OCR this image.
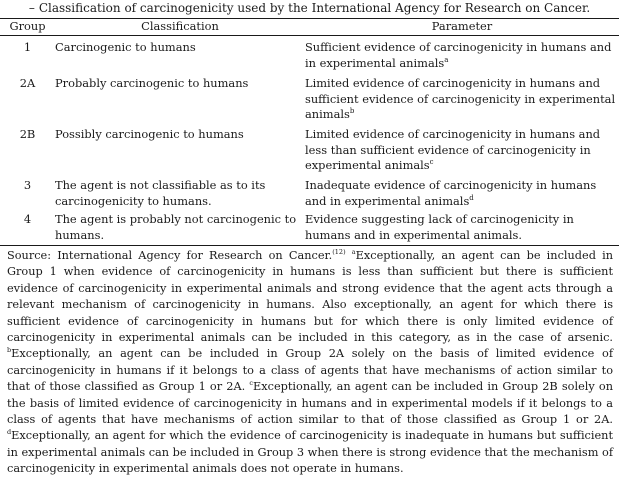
– Classification of carcinogenicity used by the International Agency for Research on Cancer.
Group	Classification	Parameter
1	Carcinogenic to humans	Sufficient evidence of carcinogenicity in humans and in experimental animals$^a$
2A	Probably carcinogenic to humans	Limited evidence of carcinogenicity in humans and sufficient evidence of carcinogenicity in experimental animals$^b$
2B	Possibly carcinogenic to humans	Limited evidence of carcinogenicity in humans and less than sufficient evidence of carcinogenicity in experimental animals$^c$
3	The agent is not classifiable as to its carcinogenicity to humans.	Inadequate evidence of carcinogenicity in humans and in experimental animals$^d$
4	The agent is probably not carcinogenic to humans.	Evidence suggesting lack of carcinogenicity in humans and in experimental animals.
Source: International Agency for Research on Cancer.$^{(12)}$ $^a$Exceptionally, an agent can be included in Group 1 when evidence of carcinogenicity in humans is less than sufficient but there is sufficient evidence of carcinogenicity in experimental animals and strong evidence that the agent acts through a relevant mechanism of carcinogenicity in humans. Also exceptionally, an agent for which there is sufficient evidence of carcinogenicity in humans but for which there is only limited evidence of carcinogenicity in experimental animals can be included in this category, as in the case of arsenic. $^b$Exceptionally, an agent can be included in Group 2A solely on the basis of limited evidence of carcinogenicity in humans if it belongs to a class of agents that have mechanisms of action similar to that of those classified as Group 1 or 2A. $^c$Exceptionally, an agent can be included in Group 2B solely on the basis of limited evidence of carcinogenicity in humans and in experimental models if it belongs to a class of agents that have mechanisms of action similar to that of those classified as Group 1 or 2A. $^d$Exceptionally, an agent for which the evidence of carcinogenicity is inadequate in humans but sufficient in experimental animals can be included in Group 3 when there is strong evidence that the mechanism of carcinogenicity in experimental animals does not operate in humans.
